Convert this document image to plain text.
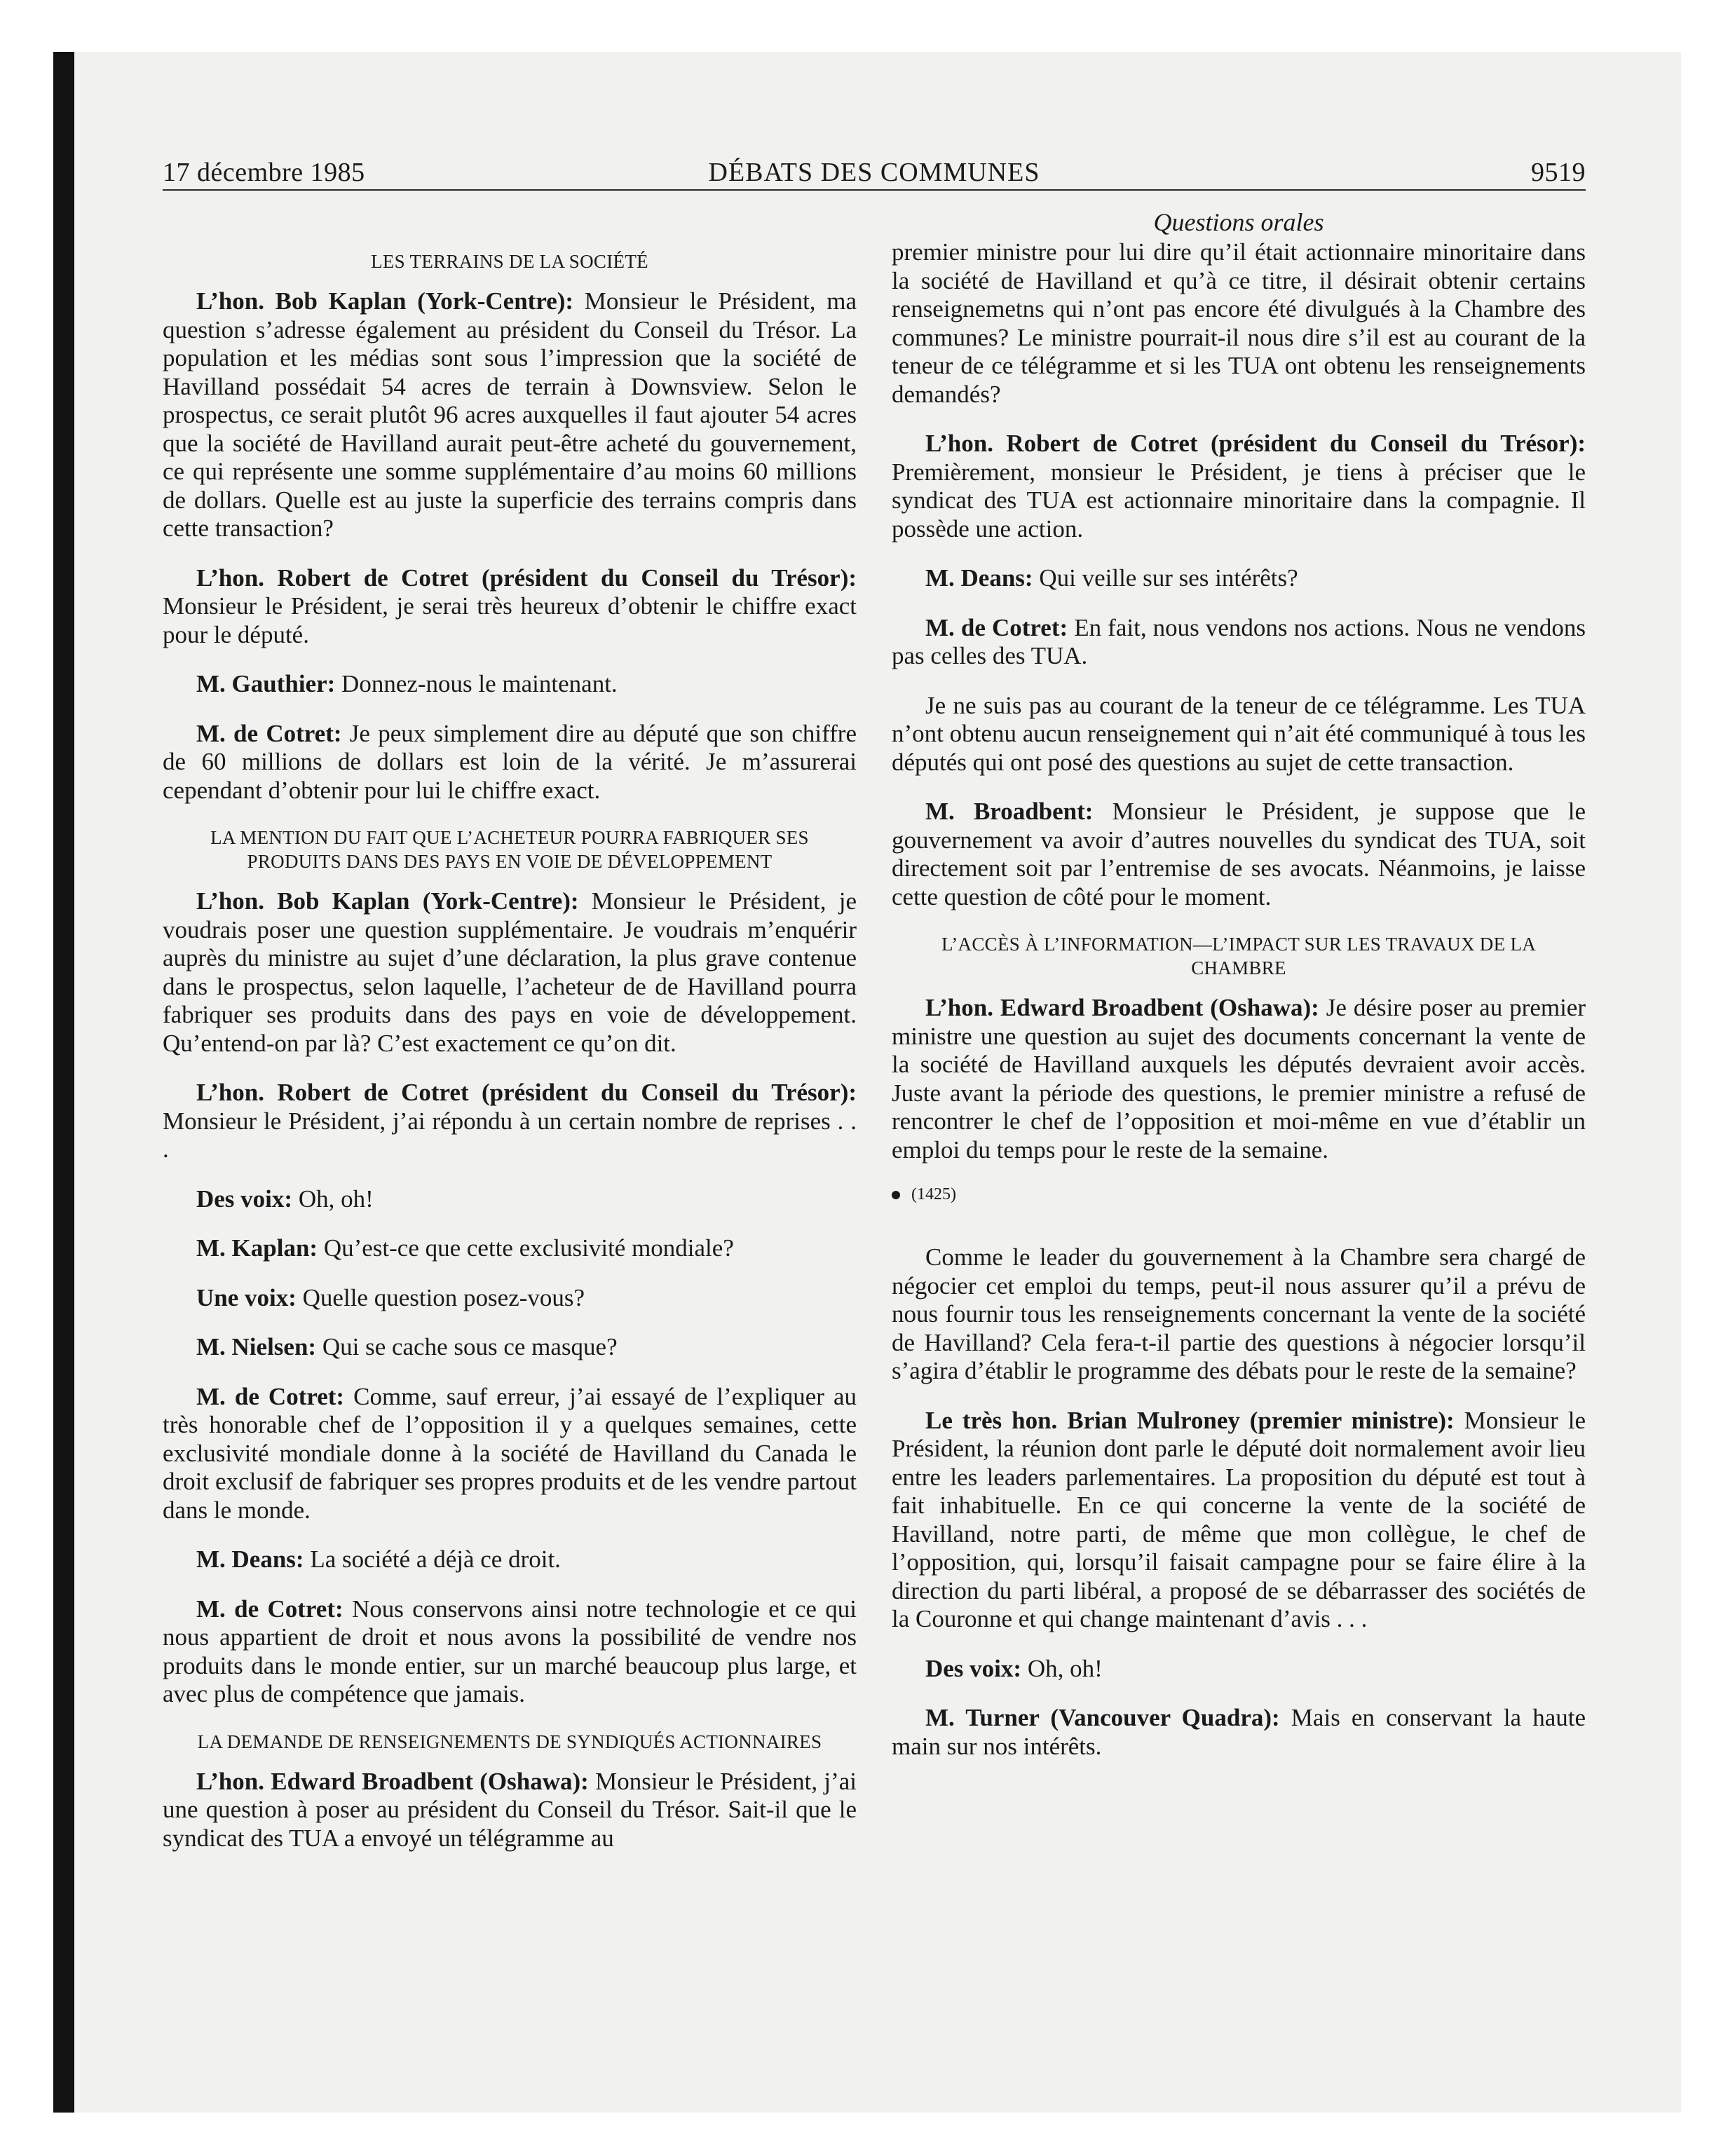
17 décembre 1985	DÉBATS DES COMMUNES	9519
Questions orales
LES TERRAINS DE LA SOCIÉTÉ

L’hon. Bob Kaplan (York-Centre): Monsieur le Président, ma question s’adresse également au président du Conseil du Trésor. La population et les médias sont sous l’impression que la société de Havilland possédait 54 acres de terrain à Downsview. Selon le prospectus, ce serait plutôt 96 acres auxquelles il faut ajouter 54 acres que la société de Havilland aurait peut-être acheté du gouvernement, ce qui représente une somme supplémentaire d’au moins 60 millions de dollars. Quelle est au juste la superficie des terrains compris dans cette transaction?

L’hon. Robert de Cotret (président du Conseil du Trésor): Monsieur le Président, je serai très heureux d’obtenir le chiffre exact pour le député.

M. Gauthier: Donnez-nous le maintenant.

M. de Cotret: Je peux simplement dire au député que son chiffre de 60 millions de dollars est loin de la vérité. Je m’assurerai cependant d’obtenir pour lui le chiffre exact.

LA MENTION DU FAIT QUE L’ACHETEUR POURRA FABRIQUER SES PRODUITS DANS DES PAYS EN VOIE DE DÉVELOPPEMENT

L’hon. Bob Kaplan (York-Centre): Monsieur le Président, je voudrais poser une question supplémentaire. Je voudrais m’enquérir auprès du ministre au sujet d’une déclaration, la plus grave contenue dans le prospectus, selon laquelle, l’acheteur de de Havilland pourra fabriquer ses produits dans des pays en voie de développement. Qu’entend-on par là? C’est exactement ce qu’on dit.

L’hon. Robert de Cotret (président du Conseil du Trésor): Monsieur le Président, j’ai répondu à un certain nombre de reprises . . .

Des voix: Oh, oh!

M. Kaplan: Qu’est-ce que cette exclusivité mondiale?

Une voix: Quelle question posez-vous?

M. Nielsen: Qui se cache sous ce masque?

M. de Cotret: Comme, sauf erreur, j’ai essayé de l’expliquer au très honorable chef de l’opposition il y a quelques semaines, cette exclusivité mondiale donne à la société de Havilland du Canada le droit exclusif de fabriquer ses propres produits et de les vendre partout dans le monde.

M. Deans: La société a déjà ce droit.

M. de Cotret: Nous conservons ainsi notre technologie et ce qui nous appartient de droit et nous avons la possibilité de vendre nos produits dans le monde entier, sur un marché beaucoup plus large, et avec plus de compétence que jamais.

LA DEMANDE DE RENSEIGNEMENTS DE SYNDIQUÉS ACTIONNAIRES

L’hon. Edward Broadbent (Oshawa): Monsieur le Président, j’ai une question à poser au président du Conseil du Trésor. Sait-il que le syndicat des TUA a envoyé un télégramme au

premier ministre pour lui dire qu’il était actionnaire minoritaire dans la société de Havilland et qu’à ce titre, il désirait obtenir certains renseignemetns qui n’ont pas encore été divulgués à la Chambre des communes? Le ministre pourrait-il nous dire s’il est au courant de la teneur de ce télégramme et si les TUA ont obtenu les renseignements demandés?

L’hon. Robert de Cotret (président du Conseil du Trésor): Premièrement, monsieur le Président, je tiens à préciser que le syndicat des TUA est actionnaire minoritaire dans la compagnie. Il possède une action.

M. Deans: Qui veille sur ses intérêts?

M. de Cotret: En fait, nous vendons nos actions. Nous ne vendons pas celles des TUA.

Je ne suis pas au courant de la teneur de ce télégramme. Les TUA n’ont obtenu aucun renseignement qui n’ait été communiqué à tous les députés qui ont posé des questions au sujet de cette transaction.

M. Broadbent: Monsieur le Président, je suppose que le gouvernement va avoir d’autres nouvelles du syndicat des TUA, soit directement soit par l’entremise de ses avocats. Néanmoins, je laisse cette question de côté pour le moment.

L’ACCÈS À L’INFORMATION—L’IMPACT SUR LES TRAVAUX DE LA CHAMBRE

L’hon. Edward Broadbent (Oshawa): Je désire poser au premier ministre une question au sujet des documents concernant la vente de la société de Havilland auxquels les députés devraient avoir accès. Juste avant la période des questions, le premier ministre a refusé de rencontrer le chef de l’opposition et moi-même en vue d’établir un emploi du temps pour le reste de la semaine.

(1425)

Comme le leader du gouvernement à la Chambre sera chargé de négocier cet emploi du temps, peut-il nous assurer qu’il a prévu de nous fournir tous les renseignements concernant la vente de la société de Havilland? Cela fera-t-il partie des questions à négocier lorsqu’il s’agira d’établir le programme des débats pour le reste de la semaine?

Le très hon. Brian Mulroney (premier ministre): Monsieur le Président, la réunion dont parle le député doit normalement avoir lieu entre les leaders parlementaires. La proposition du député est tout à fait inhabituelle. En ce qui concerne la vente de la société de Havilland, notre parti, de même que mon collègue, le chef de l’opposition, qui, lorsqu’il faisait campagne pour se faire élire à la direction du parti libéral, a proposé de se débarrasser des sociétés de la Couronne et qui change maintenant d’avis . . .

Des voix: Oh, oh!

M. Turner (Vancouver Quadra): Mais en conservant la haute main sur nos intérêts.
